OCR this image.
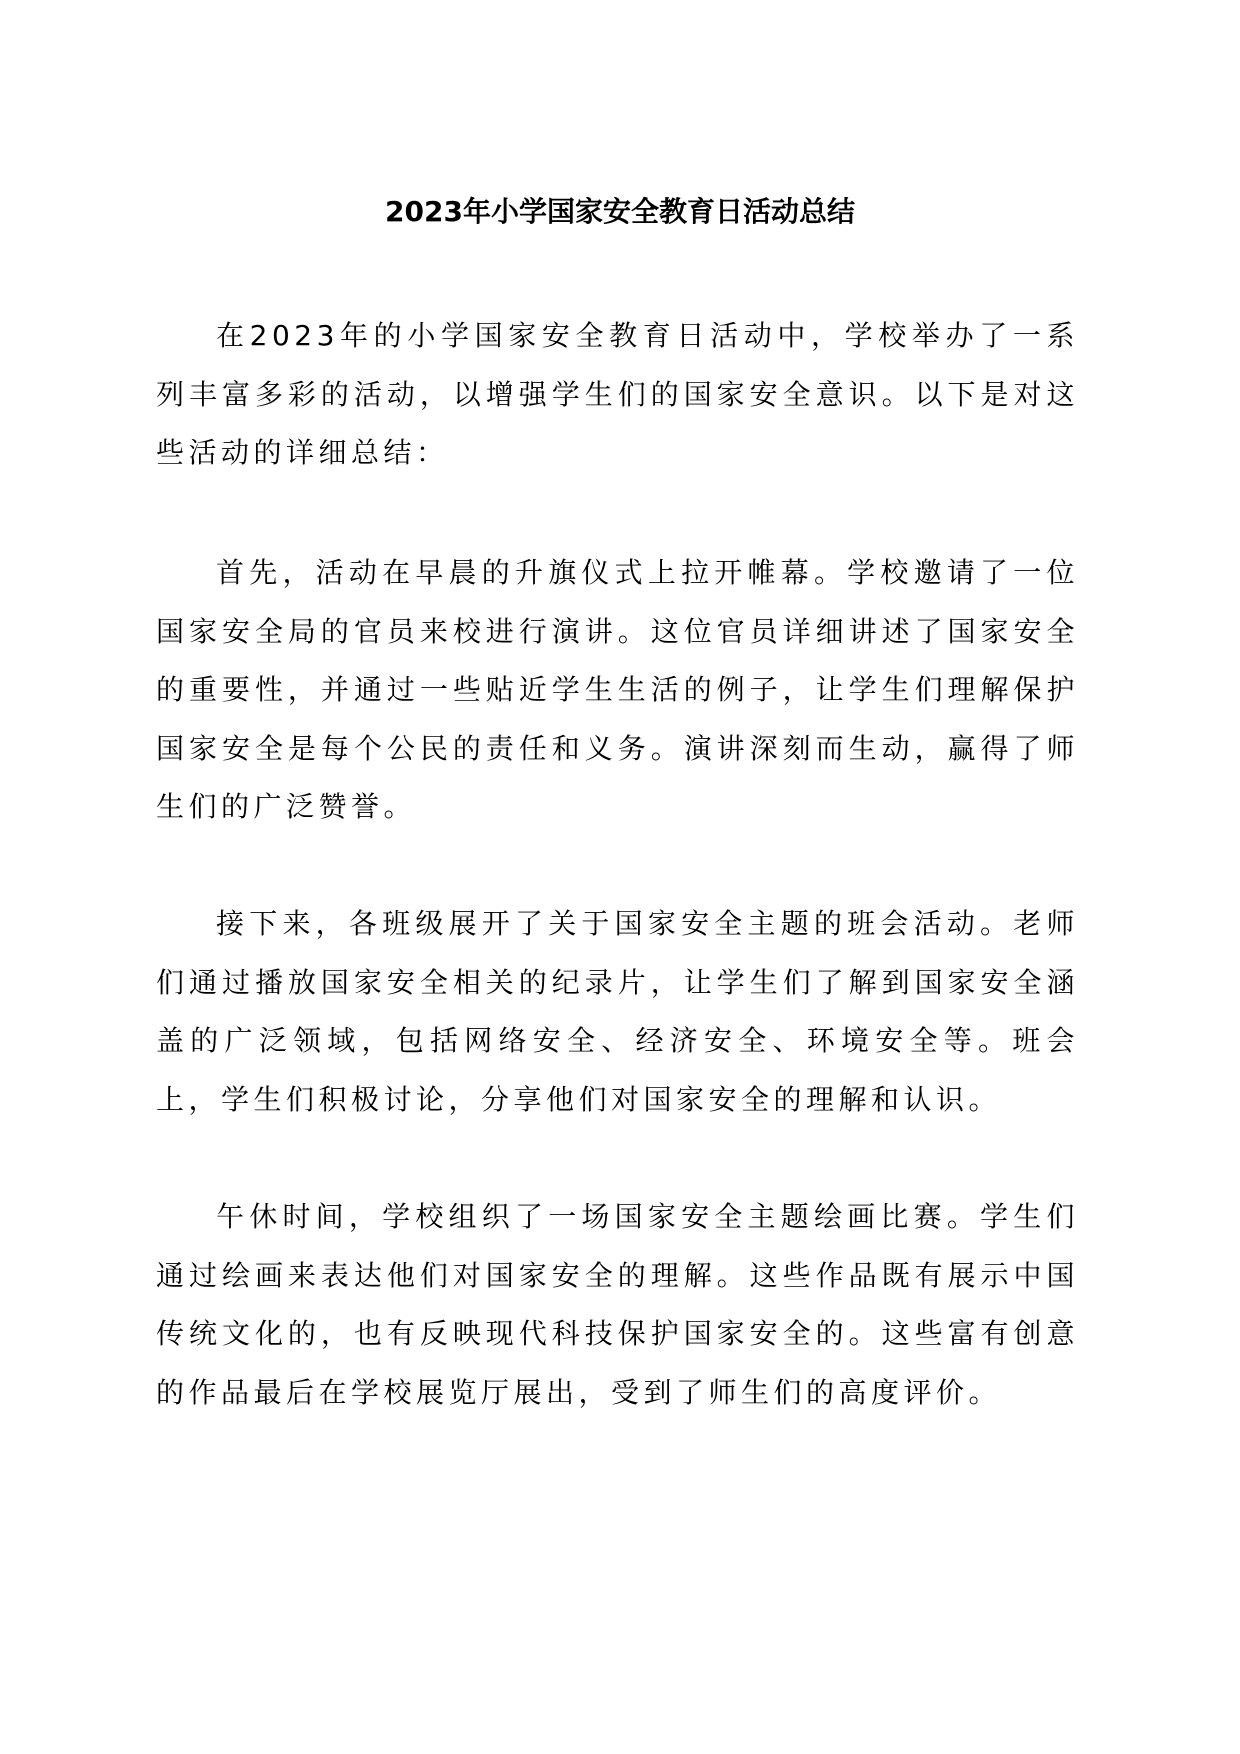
2023年小学国家安全教育日活动总结

在2023年的小学国家安全教育日活动中，学校举办了一系列丰富多彩的活动，以增强学生们的国家安全意识。以下是对这些活动的详细总结：

首先，活动在早晨的升旗仪式上拉开帷幕。学校邀请了一位国家安全局的官员来校进行演讲。这位官员详细讲述了国家安全的重要性，并通过一些贴近学生生活的例子，让学生们理解保护国家安全是每个公民的责任和义务。演讲深刻而生动，赢得了师生们的广泛赞誉。

接下来，各班级展开了关于国家安全主题的班会活动。老师们通过播放国家安全相关的纪录片，让学生们了解到国家安全涵盖的广泛领域，包括网络安全、经济安全、环境安全等。班会上，学生们积极讨论，分享他们对国家安全的理解和认识。

午休时间，学校组织了一场国家安全主题绘画比赛。学生们通过绘画来表达他们对国家安全的理解。这些作品既有展示中国传统文化的，也有反映现代科技保护国家安全的。这些富有创意的作品最后在学校展览厅展出，受到了师生们的高度评价。
